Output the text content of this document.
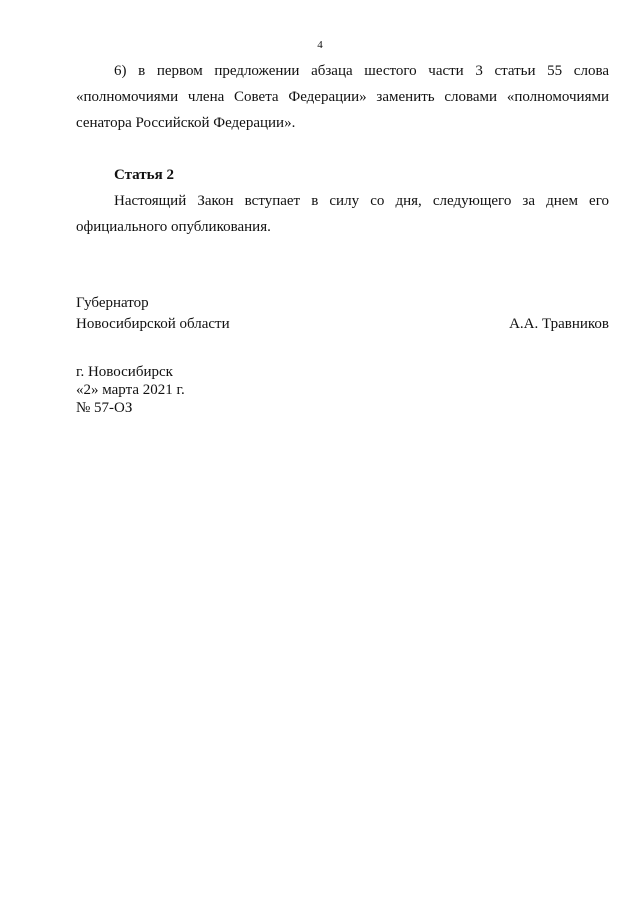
4

6) в первом предложении абзаца шестого части 3 статьи 55 слова «полномочиями члена Совета Федерации» заменить словами «полномочиями сенатора Российской Федерации».

Статья 2

Настоящий Закон вступает в силу со дня, следующего за днем его официального опубликования.

Губернатор
Новосибирской области	А.А. Травников
г. Новосибирск
«2» марта 2021 г.
№ 57-ОЗ
